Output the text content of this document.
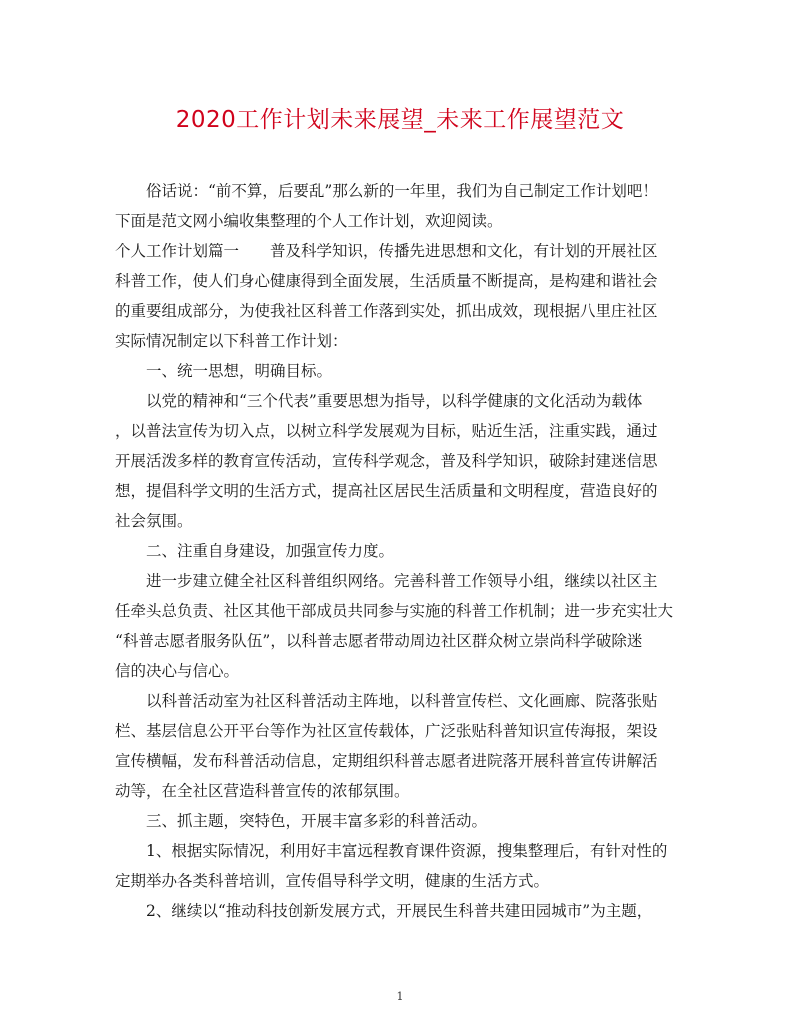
2020工作计划未来展望_未来工作展望范文
　　俗话说：“前不算，后要乱”那么新的一年里，我们为自己制定工作计划吧！
下面是范文网小编收集整理的个人工作计划，欢迎阅读。
个人工作计划篇一　　普及科学知识，传播先进思想和文化，有计划的开展社区
科普工作，使人们身心健康得到全面发展，生活质量不断提高，是构建和谐社会
的重要组成部分，为使我社区科普工作落到实处，抓出成效，现根据八里庄社区
实际情况制定以下科普工作计划：
　　一、统一思想，明确目标。
　　以党的精神和“三个代表”重要思想为指导，以科学健康的文化活动为载体
，以普法宣传为切入点，以树立科学发展观为目标，贴近生活，注重实践，通过
开展活泼多样的教育宣传活动，宣传科学观念，普及科学知识，破除封建迷信思
想，提倡科学文明的生活方式，提高社区居民生活质量和文明程度，营造良好的
社会氛围。
　　二、注重自身建设，加强宣传力度。
　　进一步建立健全社区科普组织网络。完善科普工作领导小组，继续以社区主
任牵头总负责、社区其他干部成员共同参与实施的科普工作机制；进一步充实壮大
“科普志愿者服务队伍”，以科普志愿者带动周边社区群众树立崇尚科学破除迷
信的决心与信心。
　　以科普活动室为社区科普活动主阵地，以科普宣传栏、文化画廊、院落张贴
栏、基层信息公开平台等作为社区宣传载体，广泛张贴科普知识宣传海报，架设
宣传横幅，发布科普活动信息，定期组织科普志愿者进院落开展科普宣传讲解活
动等，在全社区营造科普宣传的浓郁氛围。
　　三、抓主题，突特色，开展丰富多彩的科普活动。
　　1、根据实际情况，利用好丰富远程教育课件资源，搜集整理后，有针对性的
定期举办各类科普培训，宣传倡导科学文明，健康的生活方式。
　　2、继续以“推动科技创新发展方式，开展民生科普共建田园城市”为主题，
1
